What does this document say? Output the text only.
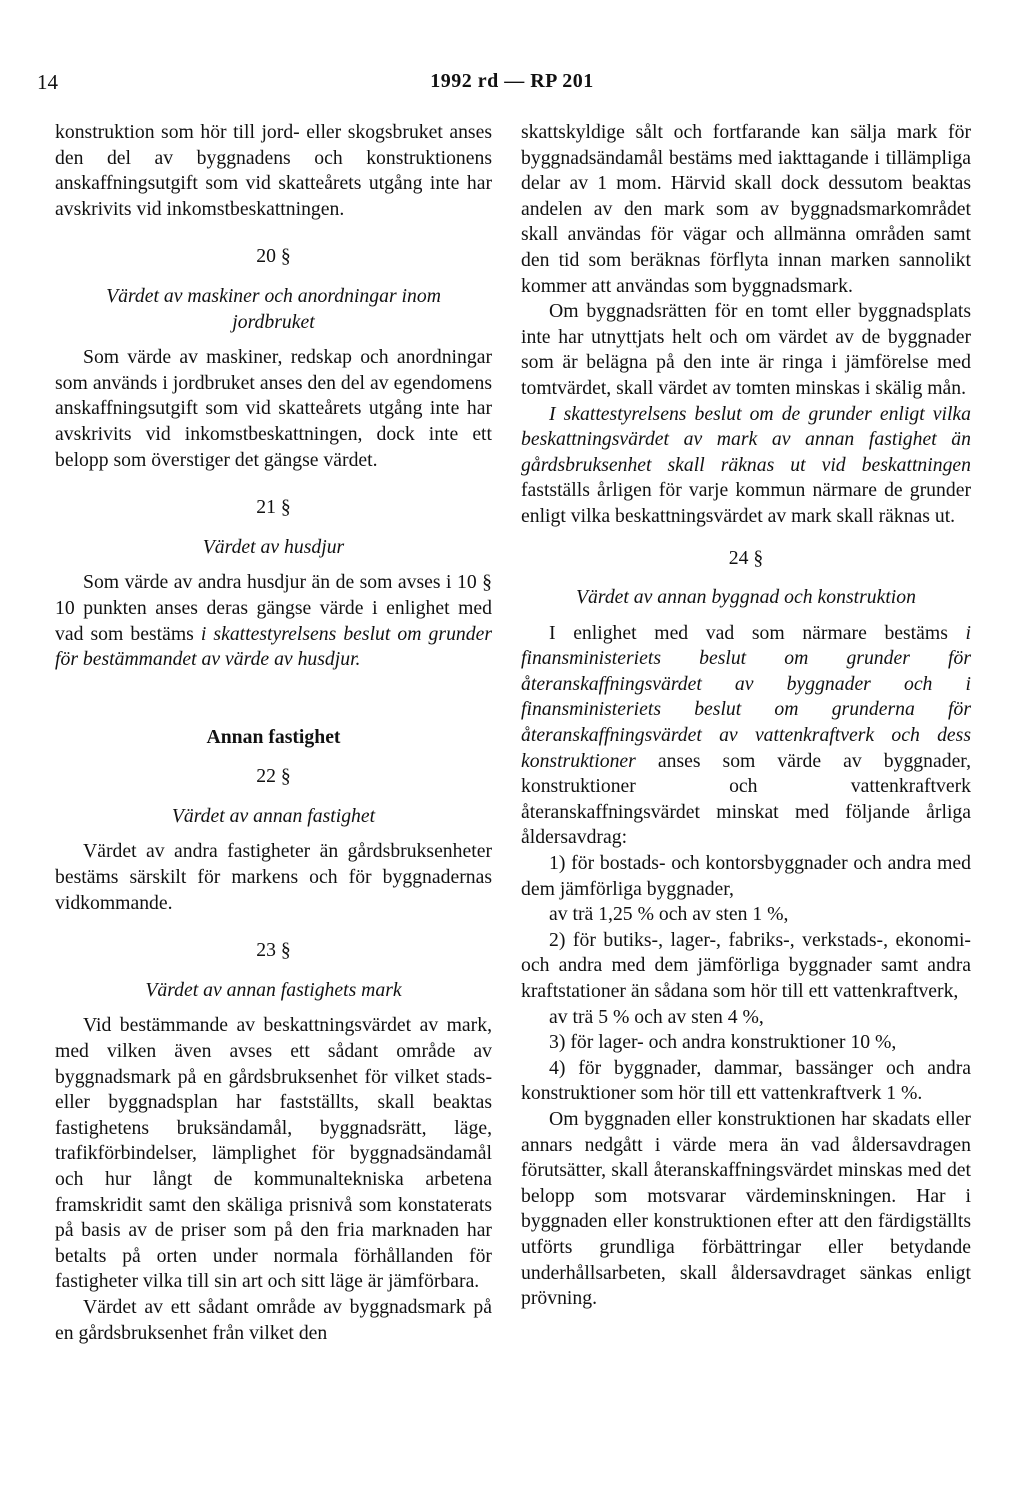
14	1992 rd — RP 201

konstruktion som hör till jord- eller skogsbruket anses den del av byggnadens och konstruktionens anskaffningsutgift som vid skatteårets utgång inte har avskrivits vid inkomstbeskattningen.

20 §
Värdet av maskiner och anordningar inom jordbruket

Som värde av maskiner, redskap och anordningar som används i jordbruket anses den del av egendomens anskaffningsutgift som vid skatteårets utgång inte har avskrivits vid inkomstbeskattningen, dock inte ett belopp som överstiger det gängse värdet.

21 §
Värdet av husdjur

Som värde av andra husdjur än de som avses i 10 § 10 punkten anses deras gängse värde i enlighet med vad som bestäms i skattestyrelsens beslut om grunder för bestämmandet av värde av husdjur.

Annan fastighet
22 §
Värdet av annan fastighet

Värdet av andra fastigheter än gårdsbruksenheter bestäms särskilt för markens och för byggnadernas vidkommande.

23 §
Värdet av annan fastighets mark

Vid bestämmande av beskattningsvärdet av mark, med vilken även avses ett sådant område av byggnadsmark på en gårdsbruksenhet för vilket stads- eller byggnadsplan har fastställts, skall beaktas fastighetens bruksändamål, byggnadsrätt, läge, trafikförbindelser, lämplighet för byggnadsändamål och hur långt de kommunaltekniska arbetena framskridit samt den skäliga prisnivå som konstaterats på basis av de priser som på den fria marknaden har betalts på orten under normala förhållanden för fastigheter vilka till sin art och sitt läge är jämförbara.

Värdet av ett sådant område av byggnadsmark på en gårdsbruksenhet från vilket den

skattskyldige sålt och fortfarande kan sälja mark för byggnadsändamål bestäms med iakttagande i tillämpliga delar av 1 mom. Härvid skall dock dessutom beaktas andelen av den mark som av byggnadsmarkområdet skall användas för vägar och allmänna områden samt den tid som beräknas förflyta innan marken sannolikt kommer att användas som byggnadsmark.

Om byggnadsrätten för en tomt eller byggnadsplats inte har utnyttjats helt och om värdet av de byggnader som är belägna på den inte är ringa i jämförelse med tomtvärdet, skall värdet av tomten minskas i skälig mån.

I skattestyrelsens beslut om de grunder enligt vilka beskattningsvärdet av mark av annan fastighet än gårdsbruksenhet skall räknas ut vid beskattningen fastställs årligen för varje kommun närmare de grunder enligt vilka beskattningsvärdet av mark skall räknas ut.

24 §
Värdet av annan byggnad och konstruktion

I enlighet med vad som närmare bestäms i finansministeriets beslut om grunder för återanskaffningsvärdet av byggnader och i finansministeriets beslut om grunderna för återanskaffningsvärdet av vattenkraftverk och dess konstruktioner anses som värde av byggnader, konstruktioner och vattenkraftverk återanskaffningsvärdet minskat med följande årliga åldersavdrag:

1) för bostads- och kontorsbyggnader och andra med dem jämförliga byggnader,

av trä 1,25 % och av sten 1 %,

2) för butiks-, lager-, fabriks-, verkstads-, ekonomi- och andra med dem jämförliga byggnader samt andra kraftstationer än sådana som hör till ett vattenkraftverk,

av trä 5 % och av sten 4 %,

3) för lager- och andra konstruktioner 10 %,

4) för byggnader, dammar, bassänger och andra konstruktioner som hör till ett vattenkraftverk 1 %.

Om byggnaden eller konstruktionen har skadats eller annars nedgått i värde mera än vad åldersavdragen förutsätter, skall återanskaffningsvärdet minskas med det belopp som motsvarar värdeminskningen. Har i byggnaden eller konstruktionen efter att den färdigställts utförts grundliga förbättringar eller betydande underhållsarbeten, skall åldersavdraget sänkas enligt prövning.
